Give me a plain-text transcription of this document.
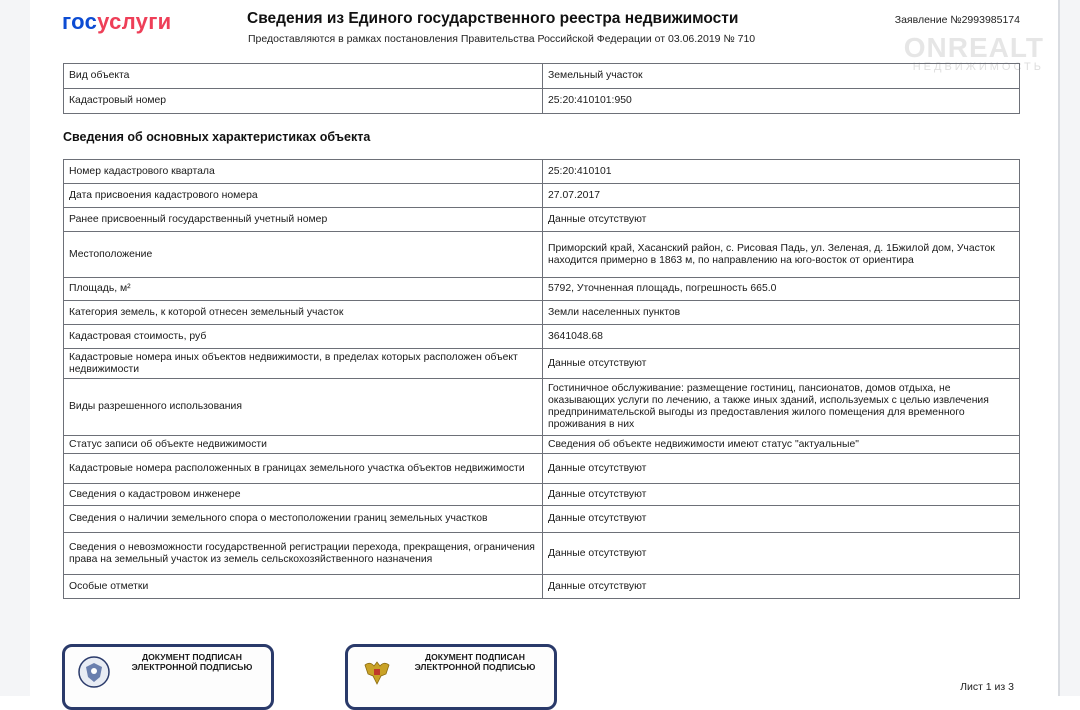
госуслуги	Сведения из Единого государственного реестра недвижимости
Предоставляются в рамках постановления Правительства Российской Федерации от 03.06.2019 № 710
Заявление №2993985174
ONREALT
НЕДВИЖИМОСТЬ
Вид объекта	Земельный участок
Кадастровый номер	25:20:410101:950
Сведения об основных характеристиках объекта
Номер кадастрового квартала	25:20:410101
Дата присвоения кадастрового номера	27.07.2017
Ранее присвоенный государственный учетный номер	Данные отсутствуют
Местоположение	Приморский край, Хасанский район, с. Рисовая Падь, ул. Зеленая, д. 1Бжилой дом, Участок находится примерно в 1863 м, по направлению на юго-восток от ориентира
Площадь, м²	5792, Уточненная площадь, погрешность 665.0
Категория земель, к которой отнесен земельный участок	Земли населенных пунктов
Кадастровая стоимость, руб	3641048.68
Кадастровые номера иных объектов недвижимости, в пределах которых расположен объект недвижимости	Данные отсутствуют
Виды разрешенного использования	Гостиничное обслуживание: размещение гостиниц, пансионатов, домов отдыха, не оказывающих услуги по лечению, а также иных зданий, используемых с целью извлечения предпринимательской выгоды из предоставления жилого помещения для временного проживания в них
Статус записи об объекте недвижимости	Сведения об объекте недвижимости имеют статус "актуальные"
Кадастровые номера расположенных в границах земельного участка объектов недвижимости	Данные отсутствуют
Сведения о кадастровом инженере	Данные отсутствуют
Сведения о наличии земельного спора о местоположении границ земельных участков	Данные отсутствуют
Сведения о невозможности государственной регистрации перехода, прекращения, ограничения права на земельный участок из земель сельскохозяйственного назначения	Данные отсутствуют
Особые отметки	Данные отсутствуют
ДОКУМЕНТ ПОДПИСАН ЭЛЕКТРОННОЙ ПОДПИСЬЮ
ДОКУМЕНТ ПОДПИСАН ЭЛЕКТРОННОЙ ПОДПИСЬЮ
Лист 1 из 3
